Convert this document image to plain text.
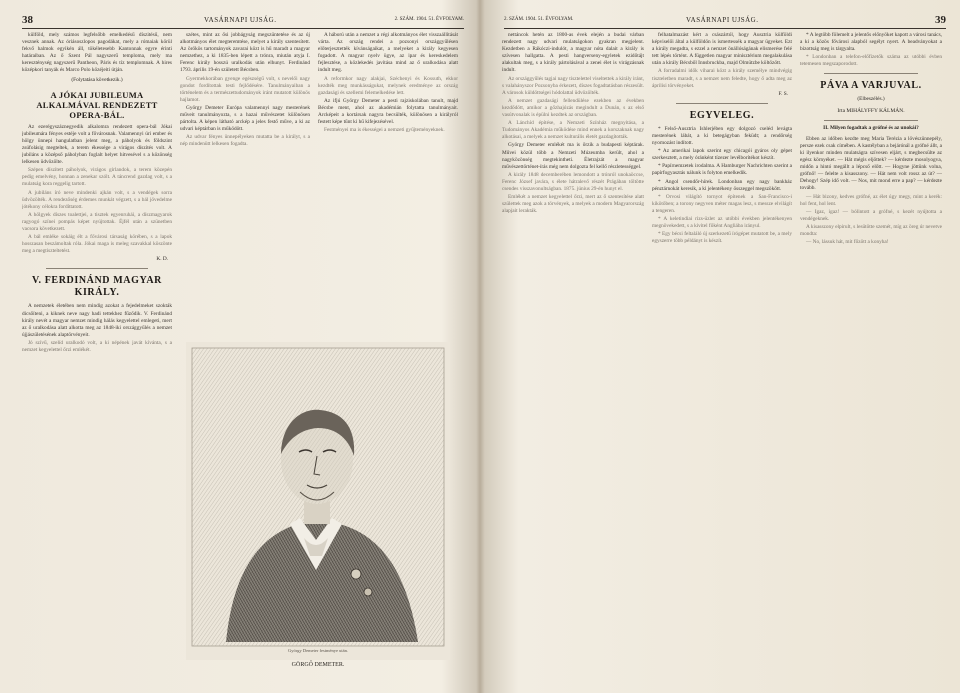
38	VASÁRNAPI UJSÁG.	2. SZÁM. 1904. 51. ÉVFOLYAM.

külföld, mely számos legfelsőbb emelkedésű díszitésű, nem vesznek annak. Az óriásoszlopos pagodákat, mely a rómaiak körül fekvő halmok egyikén áll, tökéletesebb Kantonnak egyre érinti határaiban. Az ő Szent Pál nagyszerű temploma, mely ma kereszténység nagyszerű Pantheon, Páris és tíz templomnak. A hires középkori tanyák és Marco Polo közéjeiti útján.

(Folytatása következik.)
A JÓKAI JUBILEUMA ALKALMÁVAL RENDEZETT OPERA-BÁL.

Az ezerégyszáznegyedik alkalomra rendezett opera-bál Jókai jubileumára fényes estéje volt a fővárosnak. Valamennyi úri ember és hölgy ünnepi hangulatban jelent meg, a páholyok és földszint zsúfolásig megteltek, a terem ékessége a virágos díszítés volt. A jubiláns a középső páholyban foglalt helyet hitvesével s a közönség lelkesen üdvözölte.

Szépen díszített páholyok, virágos girlandok, a terem közepén pedig emelvény, honnan a zenekar szólt. A táncrend gazdag volt, s a mulatság kora reggelig tartott.

A jubiláns író neve mindenki ajkán volt, s a vendégek sorra üdvözölték. A rendezőség érdemes munkát végzett, s a bál jövedelme jótékony célokra fordíttatott.

A hölgyek díszes toalettjei, a tisztek egyenruhái, a díszmagyarok ragyogó színei pompás képet nyújtottak. Éjfél után a szünetben vacsora következett.

A bál emléke sokáig élt a fővárosi társaság körében, s a lapok hosszasan beszámoltak róla. Jókai maga is meleg szavakkal köszönte meg a megtiszteltetést.

K. D.
V. FERDINÁND MAGYAR KIRÁLY.

A nemzetek életében nem mindig azokat a fejedelmeket szokták dicsőíteni, a kiknek neve nagy hadi tettekhez fűződik. V. Ferdinánd király nevét a magyar nemzet mindig hálás kegyelettel emlegeti, mert az ő uralkodása alatt alkotta meg az 1848-iki országgyűlés a nemzet újjászületésének alaptörvényeit.

Jó szívű, szelíd uralkodó volt, a ki népének javát kívánta, s a nemzet kegyelettel őrzi emlékét.

szétes, mint az ősi jobbágyság megszüntetése és az új alkotmányos élet megteremtése, melyet a király szentesített. Az örökös tartományok zavarai közt is hű maradt a magyar nemzethez, a ki 1835-ben lépett a trónra, miután atyja I. Ferenc király hosszú uralkodás után elhunyt. Ferdinánd 1793. április 19-én született Bécsben.

Gyermekkorában gyenge egészségű volt, s nevelői nagy gondot fordítottak testi fejlődésére. Tanulmányaiban a történelem és a természettudományok iránt mutatott különös hajlamot.

György Demeter Európa valamennyi nagy mesterének műveit tanulmányozta, s a hazai művészetet különösen pártolta. A képen látható arckép a jeles festő műve, a ki az udvari képtárban is működött.

Az udvar fényes ünnepélyeken mutatta be a királyt, s a nép mindenütt lelkesen fogadta.

A háború után a nemzet a régi alkotmányos élet visszaállítását várta. Az ország rendei a pozsonyi országgyűlésen előterjesztették kívánságaikat, a melyeket a király kegyesen fogadott. A magyar nyelv ügye, az ipar és kereskedelem fejlesztése, a közlekedés javítása mind az ő uralkodása alatt indult meg.

A reformkor nagy alakjai, Széchenyi és Kossuth, ekkor kezdték meg munkásságukat, melynek eredménye az ország gazdasági és szellemi felemelkedése lett.

Az ifjú György Demeter a pesti rajziskolában tanult, majd Bécsbe ment, ahol az akadémián folytatta tanulmányait. Arcképeit a kortársak nagyra becsülték, különösen a királyról festett képe tűnt ki hű kifejezésével.

Festményei ma is ékességei a nemzeti gyűjteményeknek.

György Demeter festménye után.
GÖRGŐ DEMETER.
2. SZÁM. 1904. 51. ÉVFOLYAM.	VASÁRNAPI UJSÁG.	39

nettáncok hetén az 1800-as évek elején a budai várban rendezett nagy udvari mulatságokon gyakran megjelent. Kezdetben a Rákóczi-indulót, a magyar nóta dalait a király is szívesen hallgatta. A pesti hangverseny-egyletek ezidőtájt alakultak meg, s a király pártolásával a zenei élet is virágzásnak indult.

Az országgyűlés tagjai nagy tisztelettel viseltettek a király iránt, s valahányszor Pozsonyba érkezett, díszes fogadtatásban részesült. A városok küldöttségei hódolattal üdvözölték.

A nemzet gazdasági fellendülése ezekben az években kezdődött, amikor a gőzhajózás megindult a Dunán, s az első vasútvonalak is épülni kezdtek az országban.

A Lánchíd építése, a Nemzeti Színház megnyitása, a Tudományos Akadémia működése mind ennek a korszaknak nagy alkotásai, a melyek a nemzet kulturális életét gazdagították.

György Demeter emlékét ma is őrzik a budapesti képtárak. Művei közül több a Nemzeti Múzeumba került, ahol a nagyközönség megtekintheti. Életrajzát a magyar művészettörténet-írás még nem dolgozta fel kellő részletességgel.

A király 1848 decemberében lemondott a trónról unokaöccse, Ferenc József javára, s élete hátralevő részét Prágában töltötte csendes visszavonultságban. 1875. június 29-én hunyt el.

Emlékét a nemzet kegyelettel őrzi, mert az ő szentesítése alatt születtek meg azok a törvények, a melyek a modern Magyarország alapjait lerakták.

felhatalmazást kért a császártól, hogy Ausztria külföldi képviselői által a külföldön is ismertessék a magyar ügyeket. Ezt a király megadta, s ezzel a nemzet önállóságának elismerése felé tett lépés történt. A független magyar minisztérium megalakulása után a király Bécsből Innsbruckba, majd Olmützbe költözött.

A forradalmi idők viharai közt a király személye mindvégig tiszteletben maradt, s a nemzet nem feledte, hogy ő adta meg az áprilisi törvényeket.

F. S.
EGYVELEG.

* Felső-Ausztria Ishlerjében egy dolgozó cseléd levágta mesterének lábát, a ki betegágyban feküdt; a rendőrség nyomozást indított.

* Az amerikai lapok szerint egy chicagói gyáros oly gépet szerkesztett, a mely óránként tízezer levélborítékot készít.

* Papírnemzetek irodalma. A Hamburger Nachrichten szerint a papírfogyasztás nálunk is folyton emelkedik.

* Angol csendőr-hírek. Londonban egy nagy bankház pénztárnokát keresik, a ki jelentékeny összeggel megszökött.

* Orvosi világító tornyot építenek a San-Francisco-i kikötőben; a torony negyven méter magas lesz, s messze elvilágít a tengeren.

* A keletindiai rizs-üzlet az utóbbi években jelentékenyen megnövekedett, s a kivitel főként Angliába irányul.

* Egy bécsi feltaláló új szerkezetű írógépet mutatott be, a mely egyszerre több példányt is készít.

* A legtöbb fölemelt a jelentős előnyöket kapott a városi tanács, a ki a közös fővárosi alapból segélyt nyert. A beadványokat a bizottság meg is tárgyalta.

* Londonban a telefon-előfizetők száma az utóbbi évben tetemesen megszaporodott.

PÁVA A VARJUVAL.
(Elbeszélés.)
Irta MIHÁLYFFY KÁLMÁN.
II. Milyen fogadtak a grófné és az unokái?

Ebben az időben kezdte meg Maria Terézia a lövészünnepély, persze ezek csak címében. A kastélyban a bejárónál a grófné állt, a ki ilyenkor minden mulatságra szívesen eljárt, s megbecsülte az egész környéket. — Hát mégis eljöttek? — kérdezte mosolyogva, midőn a hintó megállt a lépcső előtt. — Hogyne jöttünk volna, grófnő! — felelte a kisasszony. — Hát nem volt rossz az út? — Dehogy! Szép idő volt. — Nos, mit mond erre a pap? — kérdezte tovább.

— Hát bizony, kedves grófné, az élet úgy megy, mint a kerék: hol fent, hol lent.

— Igaz, igaz! — bólintott a grófné, s kezét nyújtotta a vendégeknek.

A kisasszony elpirult, s lesütötte szemét, míg az öreg úr nevetve mondta:

— No, lássuk hát, mit főzött a konyha!
